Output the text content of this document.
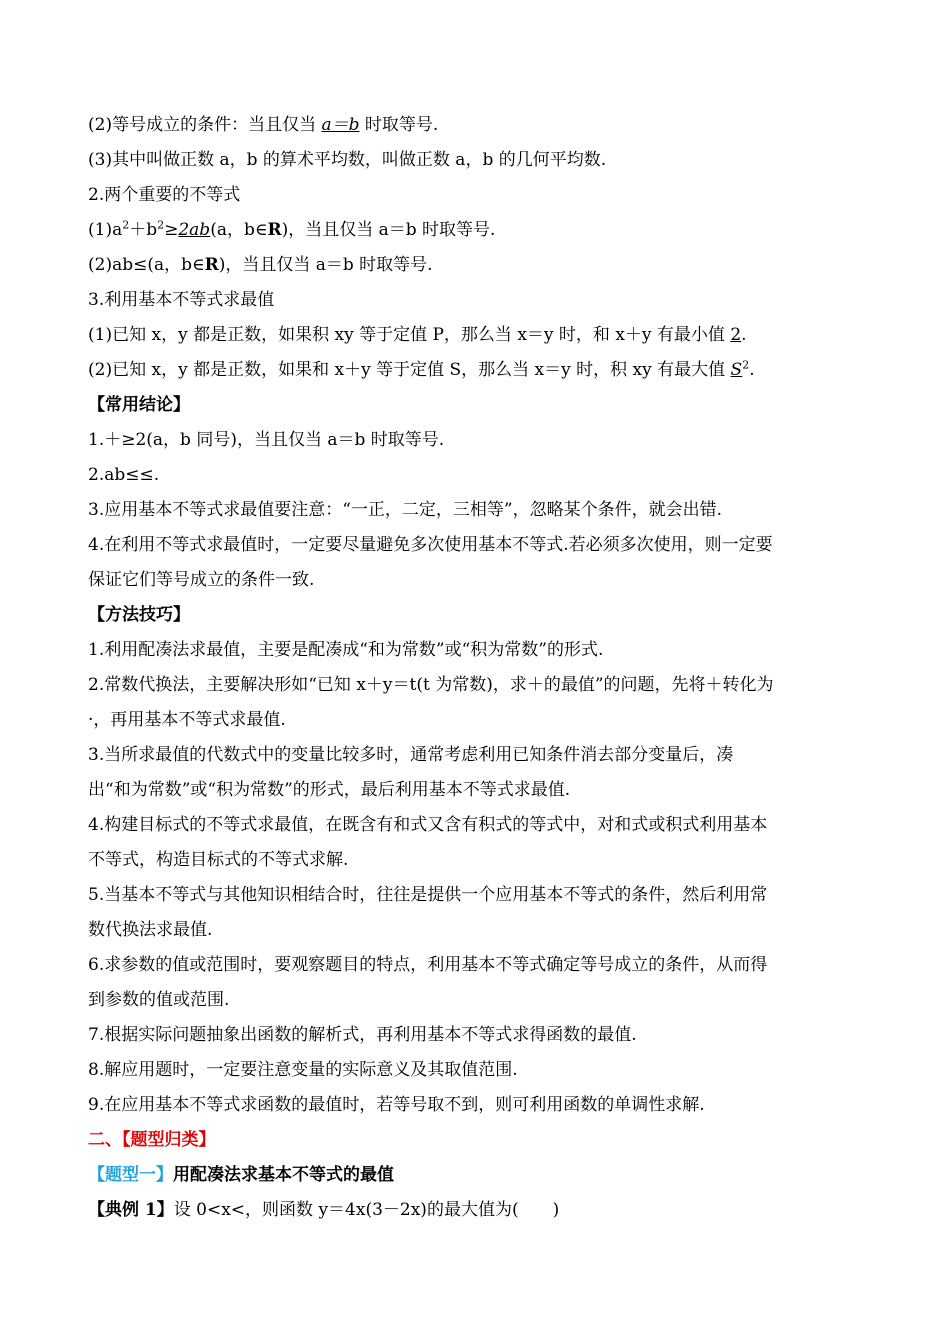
(2)等号成立的条件：当且仅当 a＝b 时取等号.
(3)其中叫做正数 a，b 的算术平均数，叫做正数 a，b 的几何平均数.
2.两个重要的不等式
$(1)a^2+b^2\ge 2ab(a$，b∈R)，当且仅当 a＝b 时取等号.
(2)ab≤(a，b∈R)，当且仅当 a＝b 时取等号.
3.利用基本不等式求最值
(1)已知 x，y 都是正数，如果积 xy 等于定值 P，那么当 x＝y 时，和 x＋y 有最小值 2.
(2)已知 x，y 都是正数，如果和 x＋y 等于定值 S，那么当 x＝y 时，积 xy 有最大值 $S^2$.
【常用结论】
1.＋≥2(a，b 同号)，当且仅当 a＝b 时取等号.
2.ab≤≤.
3.应用基本不等式求最值要注意：“一正，二定，三相等”，忽略某个条件，就会出错.
4.在利用不等式求最值时，一定要尽量避免多次使用基本不等式.若必须多次使用，则一定要
保证它们等号成立的条件一致.
【方法技巧】
1.利用配凑法求最值，主要是配凑成“和为常数”或“积为常数”的形式.
2.常数代换法，主要解决形如“已知 x＋y＝t(t 为常数)，求＋的最值”的问题，先将＋转化为
·，再用基本不等式求最值.
3.当所求最值的代数式中的变量比较多时，通常考虑利用已知条件消去部分变量后，凑
出“和为常数”或“积为常数”的形式，最后利用基本不等式求最值.
4.构建目标式的不等式求最值，在既含有和式又含有积式的等式中，对和式或积式利用基本
不等式，构造目标式的不等式求解.
5.当基本不等式与其他知识相结合时，往往是提供一个应用基本不等式的条件，然后利用常
数代换法求最值.
6.求参数的值或范围时，要观察题目的特点，利用基本不等式确定等号成立的条件，从而得
到参数的值或范围.
7.根据实际问题抽象出函数的解析式，再利用基本不等式求得函数的最值.
8.解应用题时，一定要注意变量的实际意义及其取值范围.
9.在应用基本不等式求函数的最值时，若等号取不到，则可利用函数的单调性求解.
二、【题型归类】
【题型一】用配凑法求基本不等式的最值
【典例 1】设 0<x<，则函数 y＝4x(3－2x)的最大值为(　　)
